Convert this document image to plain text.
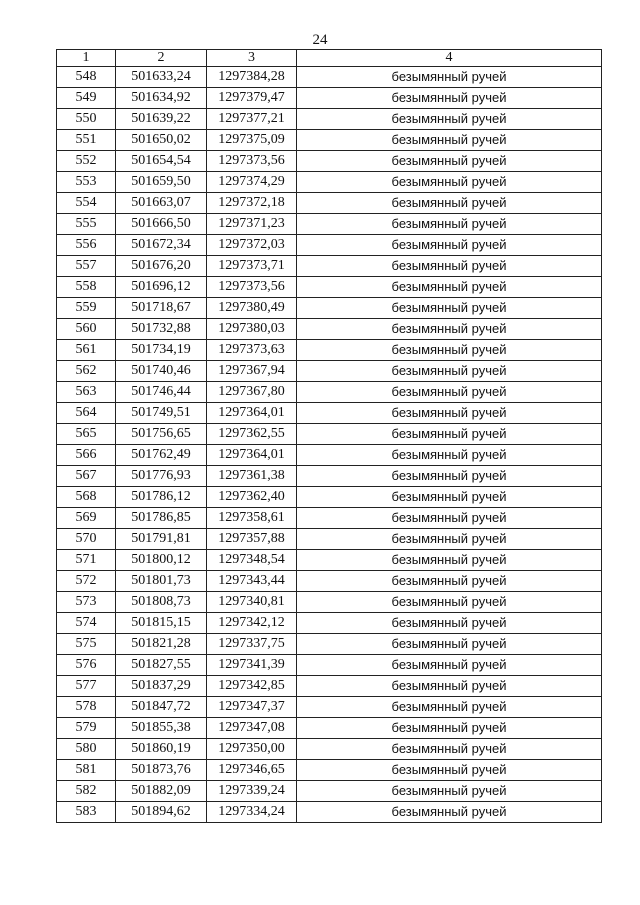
24
1	2	3	4
548	501633,24	1297384,28	безымянный ручей
549	501634,92	1297379,47	безымянный ручей
550	501639,22	1297377,21	безымянный ручей
551	501650,02	1297375,09	безымянный ручей
552	501654,54	1297373,56	безымянный ручей
553	501659,50	1297374,29	безымянный ручей
554	501663,07	1297372,18	безымянный ручей
555	501666,50	1297371,23	безымянный ручей
556	501672,34	1297372,03	безымянный ручей
557	501676,20	1297373,71	безымянный ручей
558	501696,12	1297373,56	безымянный ручей
559	501718,67	1297380,49	безымянный ручей
560	501732,88	1297380,03	безымянный ручей
561	501734,19	1297373,63	безымянный ручей
562	501740,46	1297367,94	безымянный ручей
563	501746,44	1297367,80	безымянный ручей
564	501749,51	1297364,01	безымянный ручей
565	501756,65	1297362,55	безымянный ручей
566	501762,49	1297364,01	безымянный ручей
567	501776,93	1297361,38	безымянный ручей
568	501786,12	1297362,40	безымянный ручей
569	501786,85	1297358,61	безымянный ручей
570	501791,81	1297357,88	безымянный ручей
571	501800,12	1297348,54	безымянный ручей
572	501801,73	1297343,44	безымянный ручей
573	501808,73	1297340,81	безымянный ручей
574	501815,15	1297342,12	безымянный ручей
575	501821,28	1297337,75	безымянный ручей
576	501827,55	1297341,39	безымянный ручей
577	501837,29	1297342,85	безымянный ручей
578	501847,72	1297347,37	безымянный ручей
579	501855,38	1297347,08	безымянный ручей
580	501860,19	1297350,00	безымянный ручей
581	501873,76	1297346,65	безымянный ручей
582	501882,09	1297339,24	безымянный ручей
583	501894,62	1297334,24	безымянный ручей
